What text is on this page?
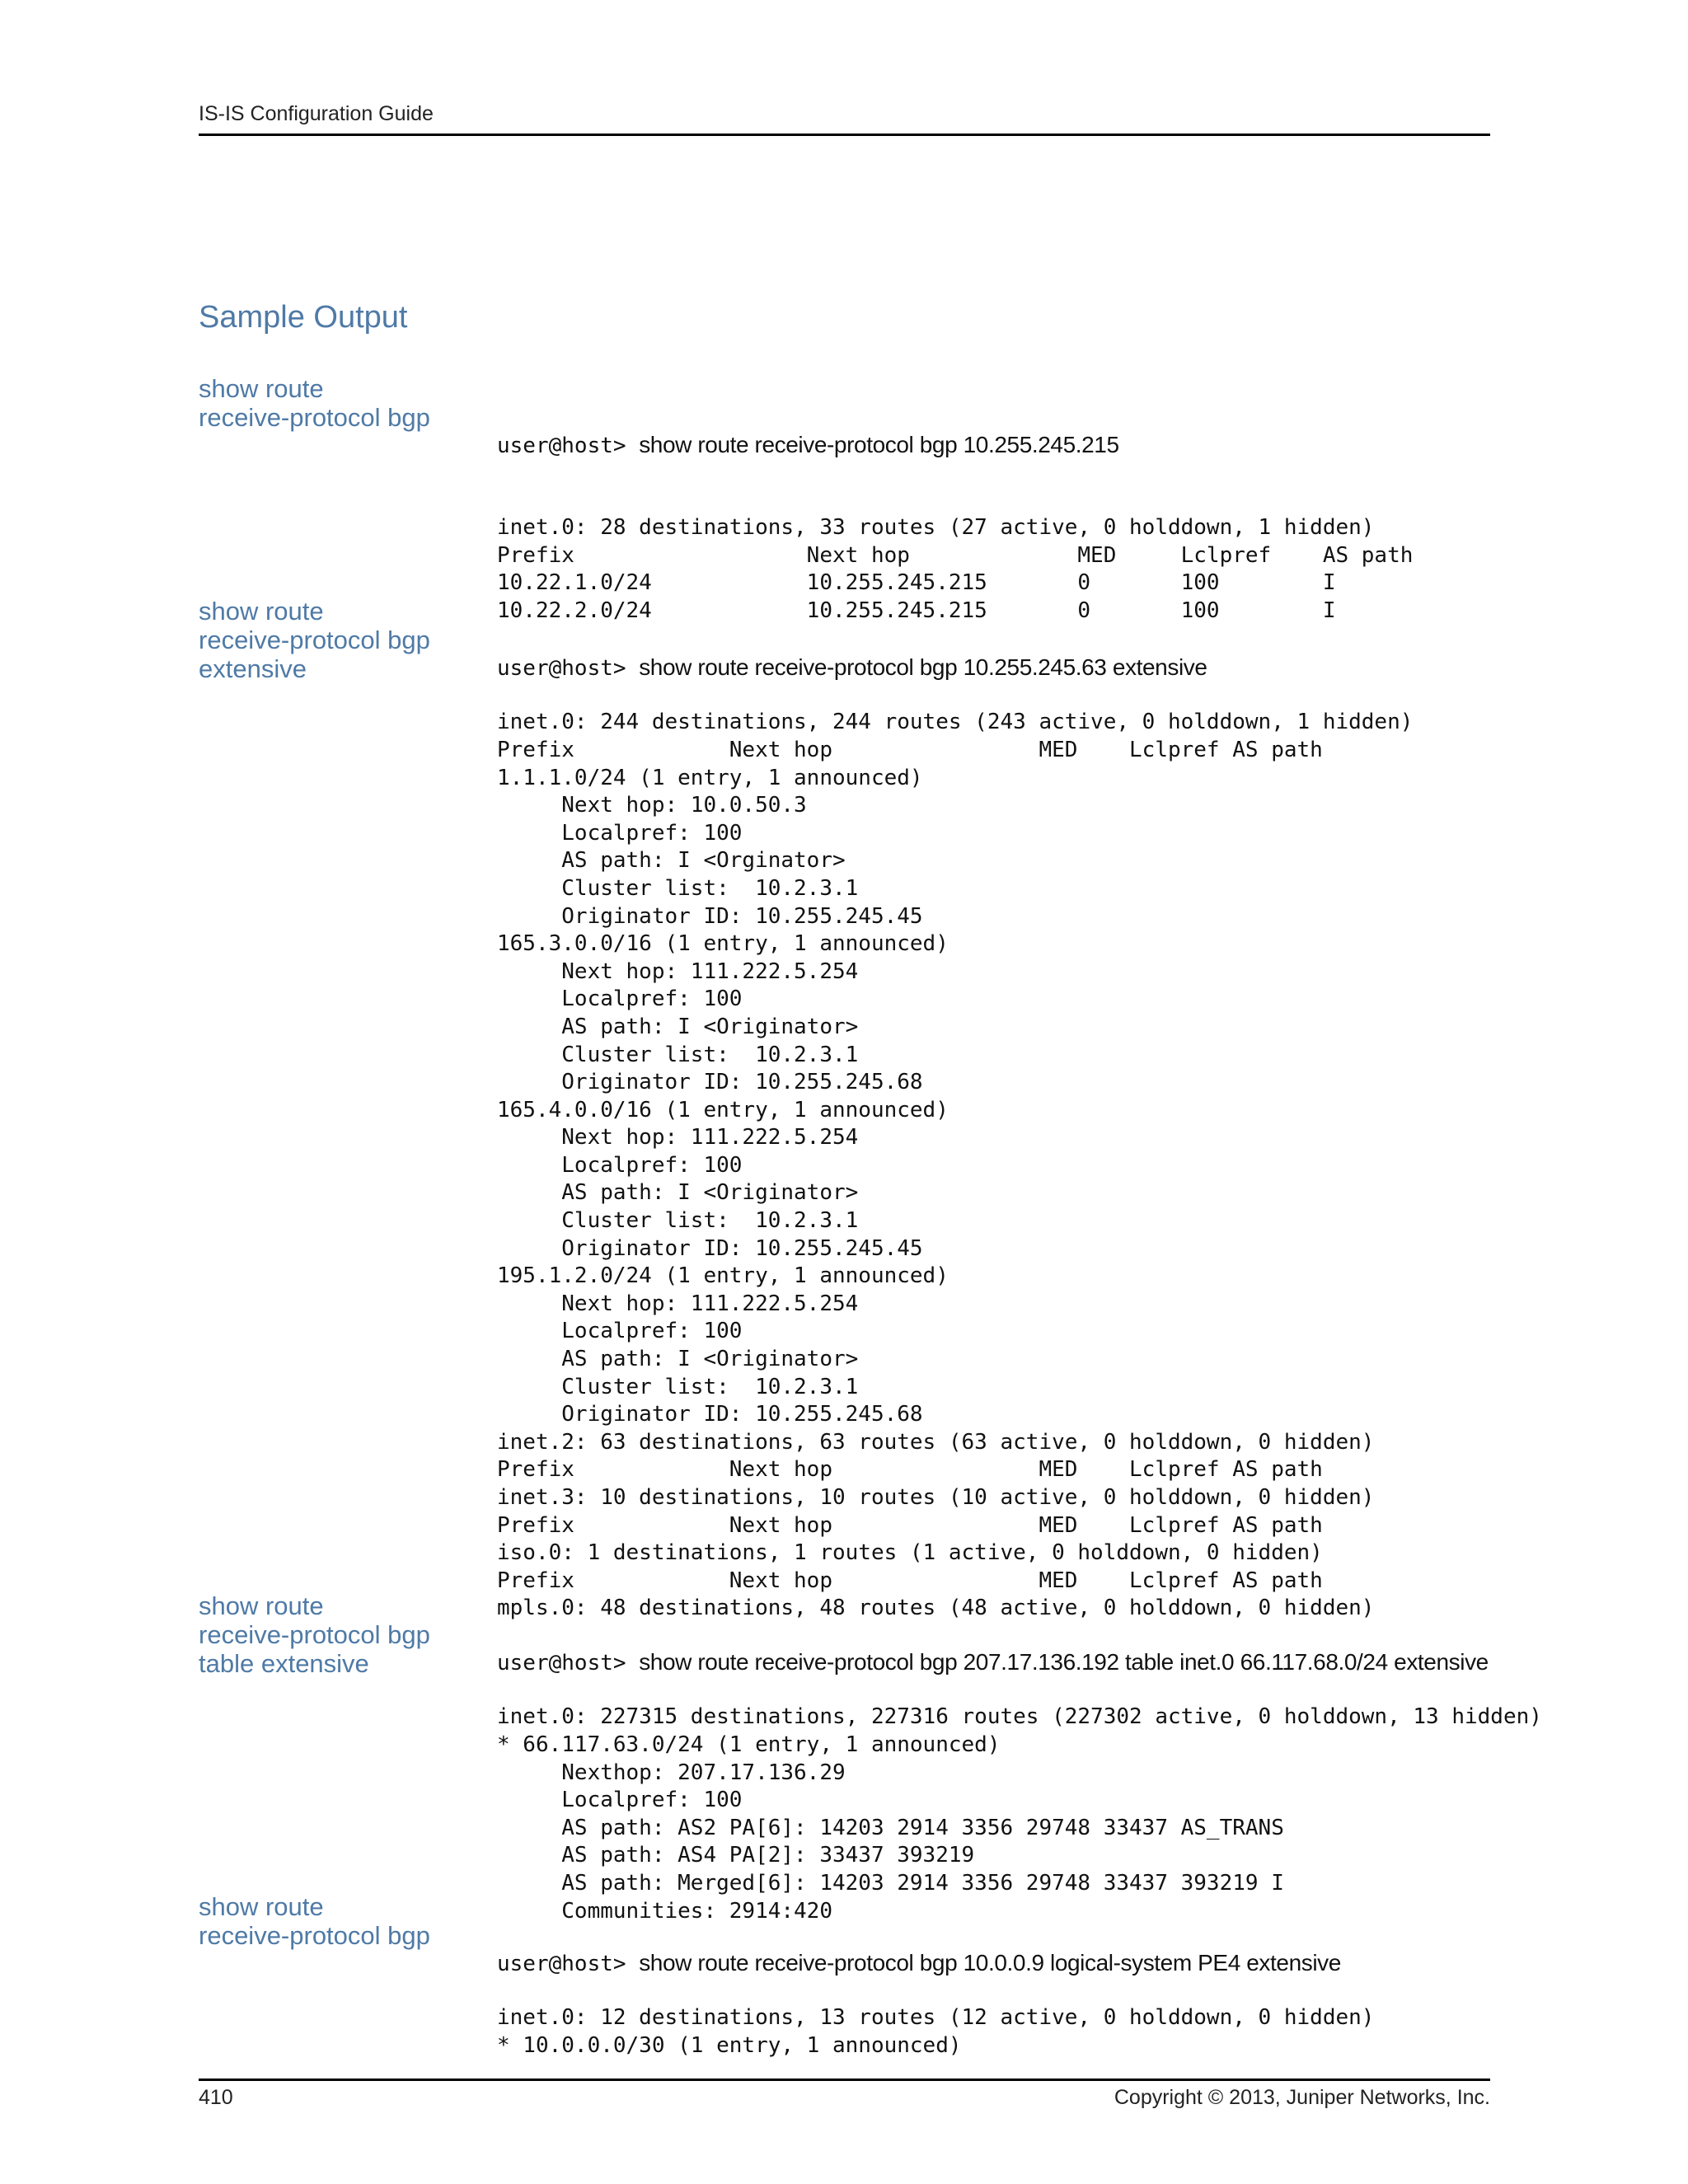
IS-IS Configuration Guide
Sample Output
show route
receive-protocol bgp

user@host> show route receive-protocol bgp 10.255.245.215

inet.0: 28 destinations, 33 routes (27 active, 0 holddown, 1 hidden)
Prefix                  Next hop             MED     Lclpref    AS path
10.22.1.0/24            10.255.245.215       0       100        I
10.22.2.0/24            10.255.245.215       0       100        I
show route
receive-protocol bgp
extensive

	user@host> show route receive-protocol bgp 10.255.245.63 extensive

inet.0: 244 destinations, 244 routes (243 active, 0 holddown, 1 hidden)
Prefix            Next hop                MED    Lclpref AS path
1.1.1.0/24 (1 entry, 1 announced)
Next hop: 10.0.50.3
Localpref: 100
AS path: I <Orginator>
Cluster list:  10.2.3.1
Originator ID: 10.255.245.45
165.3.0.0/16 (1 entry, 1 announced)
Next hop: 111.222.5.254
Localpref: 100
AS path: I <Originator>
Cluster list:  10.2.3.1
Originator ID: 10.255.245.68
165.4.0.0/16 (1 entry, 1 announced)
Next hop: 111.222.5.254
Localpref: 100
AS path: I <Originator>
Cluster list:  10.2.3.1
Originator ID: 10.255.245.45
195.1.2.0/24 (1 entry, 1 announced)
Next hop: 111.222.5.254
Localpref: 100
AS path: I <Originator>
Cluster list:  10.2.3.1
Originator ID: 10.255.245.68
inet.2: 63 destinations, 63 routes (63 active, 0 holddown, 0 hidden)
Prefix            Next hop                MED    Lclpref AS path
inet.3: 10 destinations, 10 routes (10 active, 0 holddown, 0 hidden)
Prefix            Next hop                MED    Lclpref AS path
iso.0: 1 destinations, 1 routes (1 active, 0 holddown, 0 hidden)
Prefix            Next hop                MED    Lclpref AS path
mpls.0: 48 destinations, 48 routes (48 active, 0 holddown, 0 hidden)
show route
receive-protocol bgp
table extensive

	user@host> show route receive-protocol bgp 207.17.136.192 table inet.0 66.117.68.0/24 extensive

inet.0: 227315 destinations, 227316 routes (227302 active, 0 holddown, 13 hidden)
* 66.117.63.0/24 (1 entry, 1 announced)
Nexthop: 207.17.136.29
Localpref: 100
AS path: AS2 PA[6]: 14203 2914 3356 29748 33437 AS_TRANS
AS path: AS4 PA[2]: 33437 393219
AS path: Merged[6]: 14203 2914 3356 29748 33437 393219 I
Communities: 2914:420
show route
receive-protocol bgp

user@host> show route receive-protocol bgp 10.0.0.9 logical-system PE4 extensive

inet.0: 12 destinations, 13 routes (12 active, 0 holddown, 0 hidden)
* 10.0.0.0/30 (1 entry, 1 announced)
410	Copyright © 2013, Juniper Networks, Inc.
